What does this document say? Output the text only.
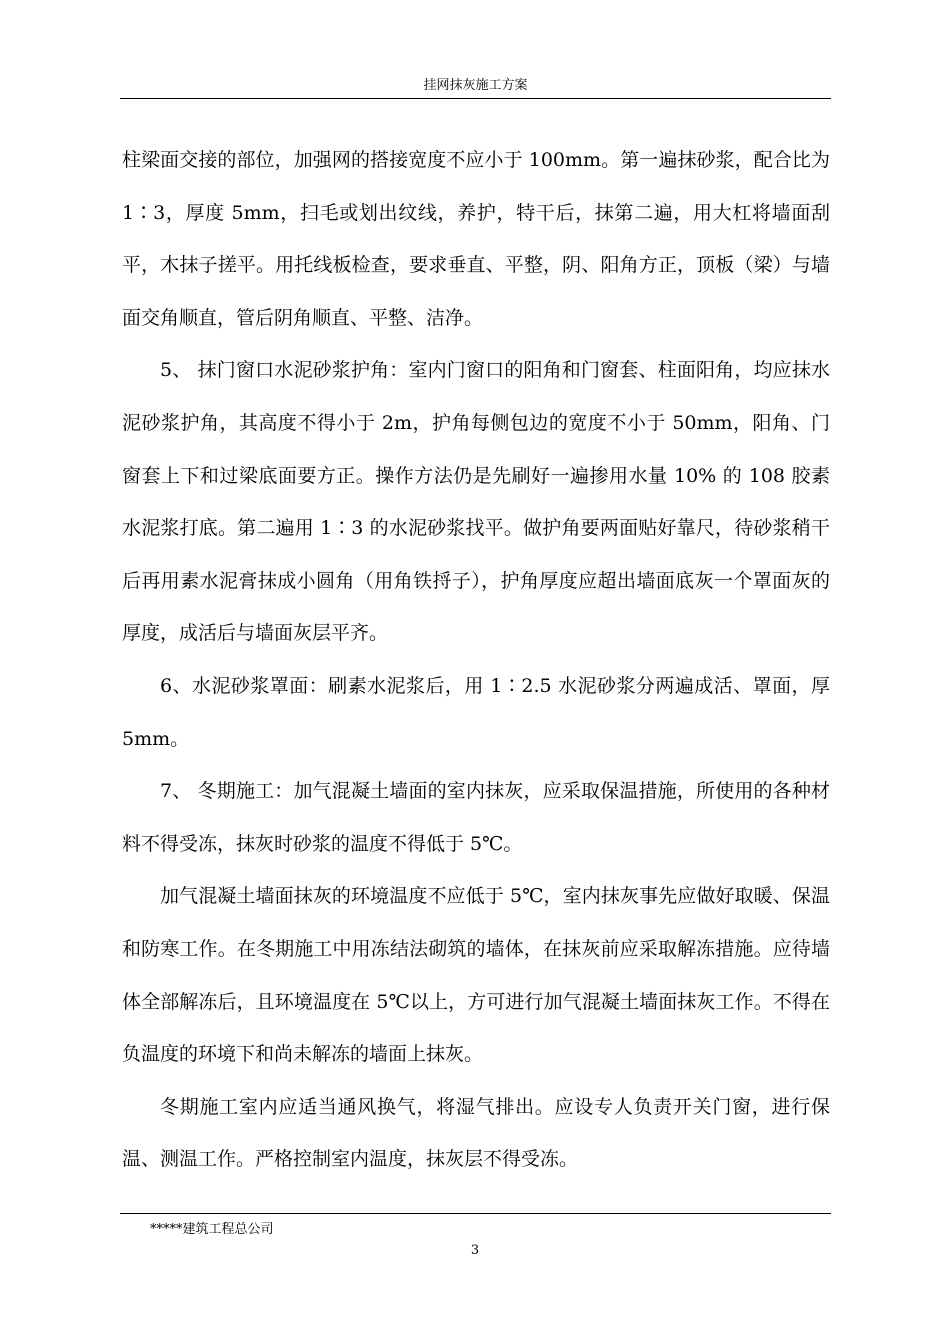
挂网抹灰施工方案

柱梁面交接的部位，加强网的搭接宽度不应小于 100mm。第一遍抹砂浆，配合比为 1∶3，厚度 5mm，扫毛或划出纹线，养护，特干后，抹第二遍，用大杠将墙面刮平，木抹子搓平。用托线板检查，要求垂直、平整，阴、阳角方正，顶板（梁）与墙面交角顺直，管后阴角顺直、平整、洁净。

5、 抹门窗口水泥砂浆护角：室内门窗口的阳角和门窗套、柱面阳角，均应抹水泥砂浆护角，其高度不得小于 2m，护角每侧包边的宽度不小于 50mm，阳角、门窗套上下和过梁底面要方正。操作方法仍是先刷好一遍掺用水量 10% 的 108 胶素水泥浆打底。第二遍用 1∶3 的水泥砂浆找平。做护角要两面贴好靠尺，待砂浆稍干后再用素水泥膏抹成小圆角（用角铁捋子），护角厚度应超出墙面底灰一个罩面灰的厚度，成活后与墙面灰层平齐。

6、水泥砂浆罩面：刷素水泥浆后，用 1∶2.5 水泥砂浆分两遍成活、罩面，厚 5mm。

7、 冬期施工：加气混凝土墙面的室内抹灰，应采取保温措施，所使用的各种材料不得受冻，抹灰时砂浆的温度不得低于 5℃。

加气混凝土墙面抹灰的环境温度不应低于 5℃，室内抹灰事先应做好取暖、保温和防寒工作。在冬期施工中用冻结法砌筑的墙体，在抹灰前应采取解冻措施。应待墙体全部解冻后，且环境温度在 5℃以上，方可进行加气混凝土墙面抹灰工作。不得在负温度的环境下和尚未解冻的墙面上抹灰。

冬期施工室内应适当通风换气，将湿气排出。应设专人负责开关门窗，进行保温、测温工作。严格控制室内温度，抹灰层不得受冻。

*****建筑工程总公司
3
